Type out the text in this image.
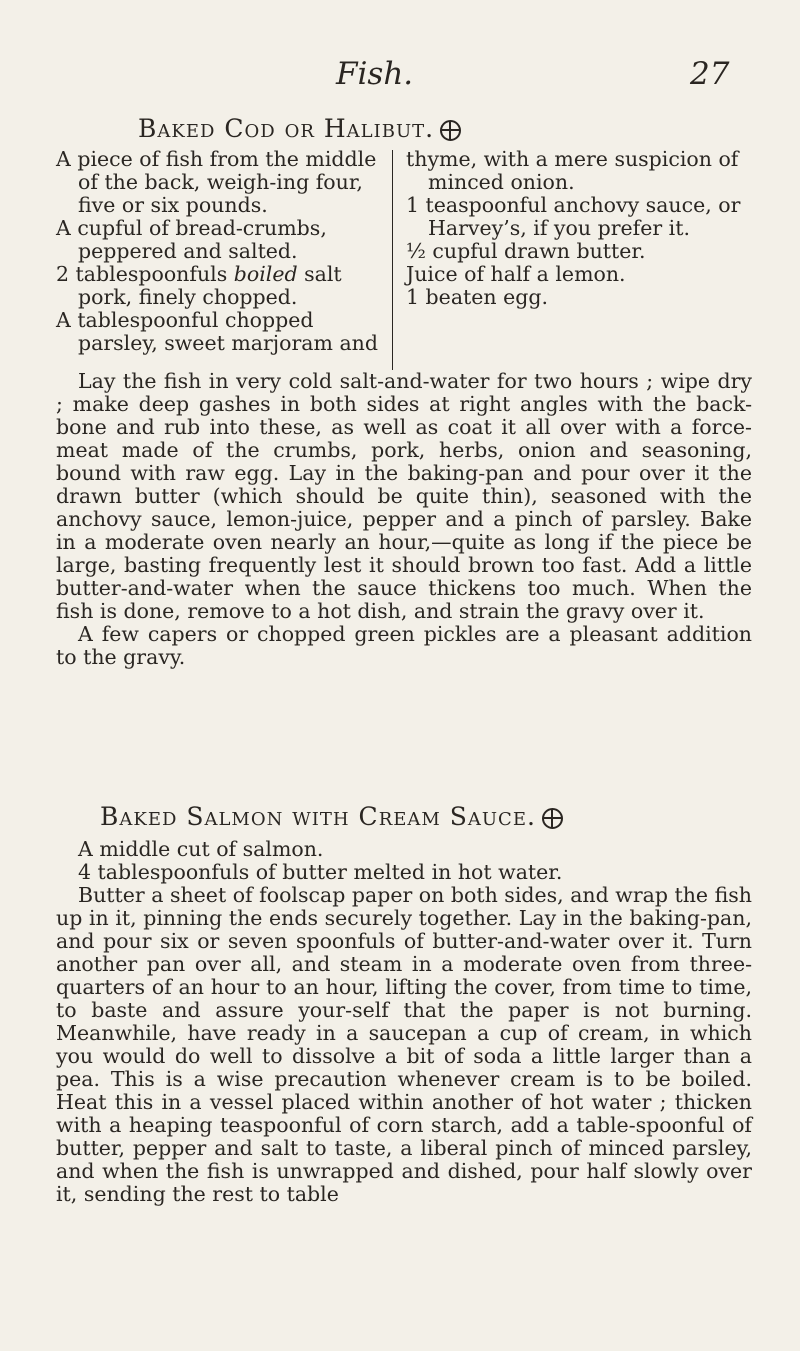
Fish.	27
Baked Cod or Halibut.

A piece of fish from the middle of the back, weigh-ing four, five or six pounds.

A cupful of bread-crumbs, peppered and salted.

2 tablespoonfuls boiled salt pork, finely chopped.

A tablespoonful chopped parsley, sweet marjoram and

thyme, with a mere suspicion of minced onion.

1 teaspoonful anchovy sauce, or Harvey’s, if you prefer it.

½ cupful drawn butter.

Juice of half a lemon.

1 beaten egg.

Lay the fish in very cold salt-and-water for two hours ; wipe dry ; make deep gashes in both sides at right angles with the back-bone and rub into these, as well as coat it all over with a force-meat made of the crumbs, pork, herbs, onion and seasoning, bound with raw egg. Lay in the baking-pan and pour over it the drawn butter (which should be quite thin), seasoned with the anchovy sauce, lemon-juice, pepper and a pinch of parsley. Bake in a moderate oven nearly an hour,—quite as long if the piece be large, basting frequently lest it should brown too fast. Add a little butter-and-water when the sauce thickens too much. When the fish is done, remove to a hot dish, and strain the gravy over it.

A few capers or chopped green pickles are a pleasant addition to the gravy.

Baked Salmon with Cream Sauce.

A middle cut of salmon.

4 tablespoonfuls of butter melted in hot water.

Butter a sheet of foolscap paper on both sides, and wrap the fish up in it, pinning the ends securely together. Lay in the baking-pan, and pour six or seven spoonfuls of butter-and-water over it. Turn another pan over all, and steam in a moderate oven from three-quarters of an hour to an hour, lifting the cover, from time to time, to baste and assure your-self that the paper is not burning. Meanwhile, have ready in a saucepan a cup of cream, in which you would do well to dissolve a bit of soda a little larger than a pea. This is a wise precaution whenever cream is to be boiled. Heat this in a vessel placed within another of hot water ; thicken with a heaping teaspoonful of corn starch, add a table-spoonful of butter, pepper and salt to taste, a liberal pinch of minced parsley, and when the fish is unwrapped and dished, pour half slowly over it, sending the rest to table
